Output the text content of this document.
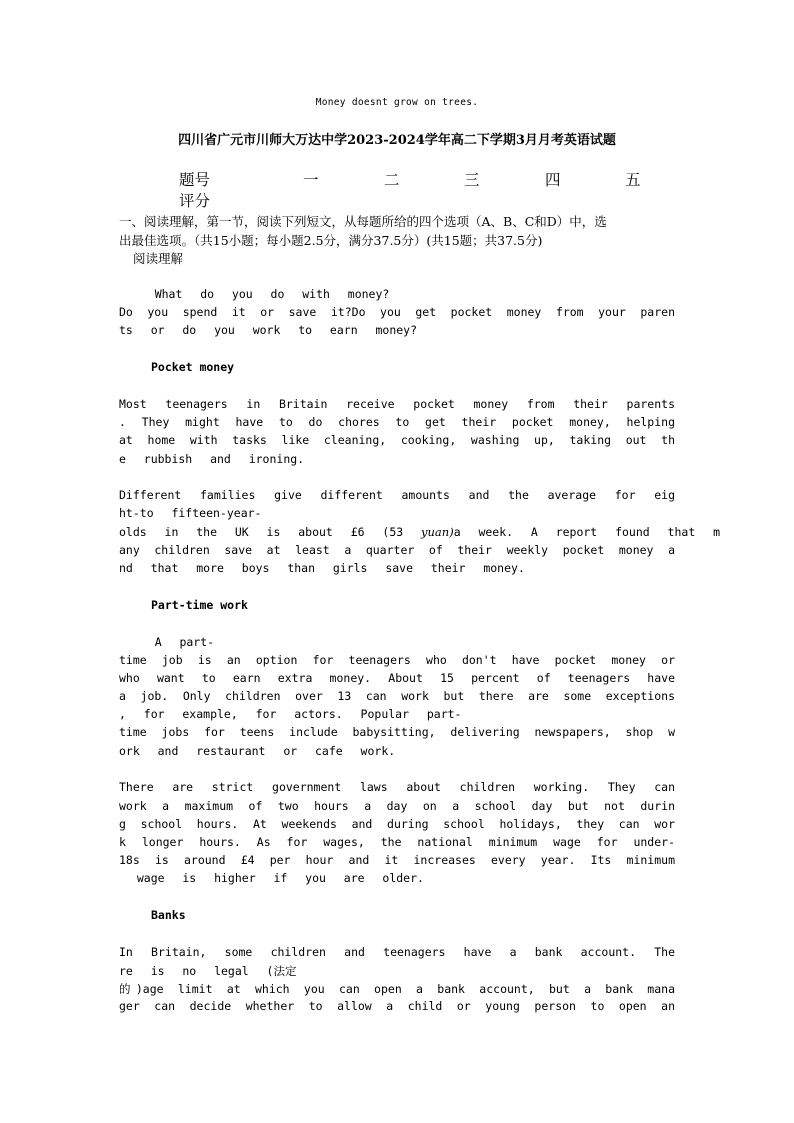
Money doesnt grow on trees.
四川省广元市川师大万达中学2023-2024学年高二下学期3月月考英语试题
题号	一	二	三	四	五
评分
一、阅读理解，第一节，阅读下列短文，从每题所给的四个选项（A、B、C和D）中，选
出最佳选项。（共15小题；每小题2.5分，满分37.5分）(共15题；共37.5分)
阅读理解
What  do  you  do  with  money?
Do you spend it or save it?Do you get pocket money from your paren
ts  or  do  you  work  to  earn  money?
Pocket money
Most teenagers in Britain receive pocket money from their parents
. They might have to do chores to get their pocket money, helping
at home with tasks like cleaning, cooking, washing up, taking out th
e  rubbish  and  ironing.
Different families give different amounts and the average for eig
ht-to  fifteen-year-
olds  in  the  UK  is  about  £6  (53  yuan)a  week.  A  report  found  that  m
any children save at least a quarter of their weekly pocket money a
nd  that  more  boys  than  girls  save  their  money.
Part-time work
A  part-
time job is an option for teenagers who don't have pocket money or
who want to earn extra money. About 15 percent of teenagers have
a job. Only children over 13 can work but there are some exceptions
,  for  example,  for  actors.  Popular  part-
time jobs for teens include babysitting, delivering newspapers, shop w
ork  and  restaurant  or  cafe  work.
There are strict government laws about children working. They can
work a maximum of two hours a day on a school day but not durin
g school hours. At weekends and during school holidays, they can wor
k longer hours. As for wages, the national minimum wage for under-
18s is around £4 per hour and it increases every year. Its minimum
wage  is  higher  if  you  are  older.
Banks
In Britain, some children and teenagers have a bank account. The
re  is  no  legal  (法定
的)age limit at which you can open a bank account, but a bank mana
ger can decide whether to allow a child or young person to open an
